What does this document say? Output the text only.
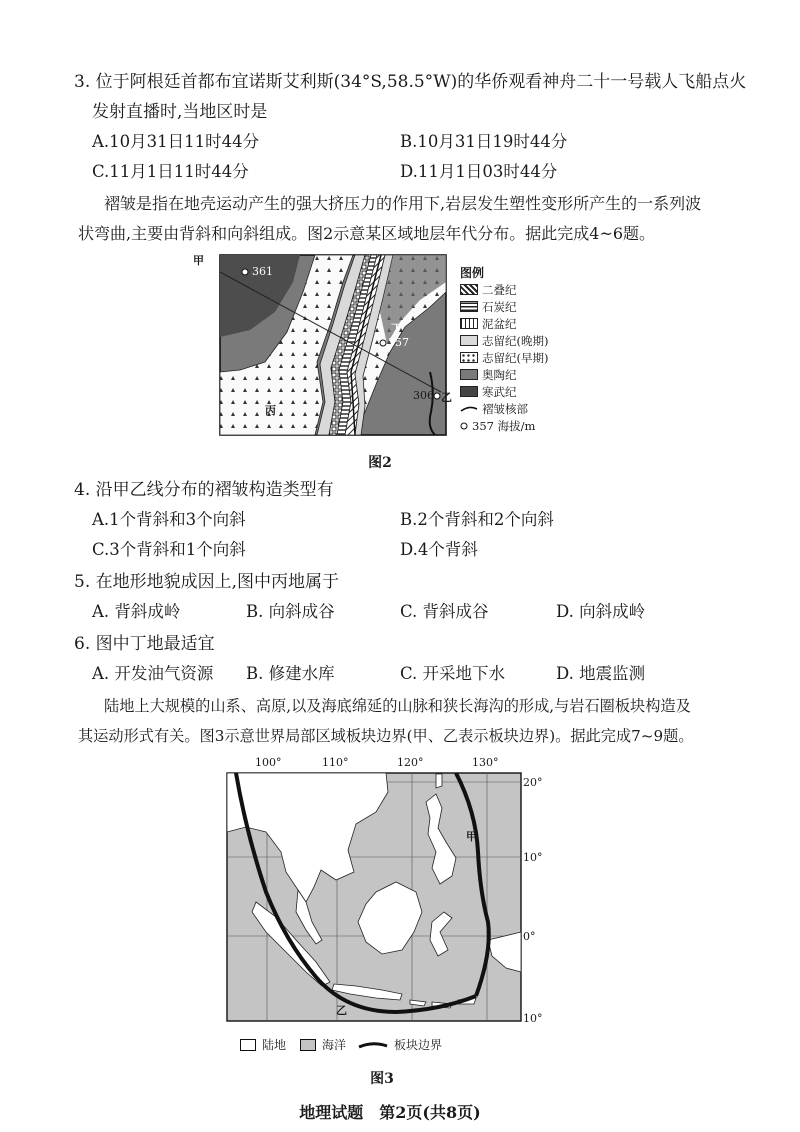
3. 位于阿根廷首都布宜诺斯艾利斯(34°S,58.5°W)的华侨观看神舟二十一号载人飞船点火
发射直播时,当地区时是
A.10月31日11时44分	B.10月31日19时44分
C.11月1日11时44分	D.11月1日03时44分
褶皱是指在地壳运动产生的强大挤压力的作用下,岩层发生塑性变形所产生的一系列波
状弯曲,主要由背斜和向斜组成。图2示意某区域地层年代分布。据此完成4~6题。
甲
361
357
丁
306 乙
丙
图例
二叠纪
石炭纪
泥盆纪
志留纪(晚期)
志留纪(早期)
奥陶纪
寒武纪
褶皱核部
357 海拔/m
图2
4. 沿甲乙线分布的褶皱构造类型有
A.1个背斜和3个向斜	B.2个背斜和2个向斜
C.3个背斜和1个向斜	D.4个背斜
5. 在地形地貌成因上,图中丙地属于
A. 背斜成岭	B. 向斜成谷	C. 背斜成谷	D. 向斜成岭
6. 图中丁地最适宜
A. 开发油气资源 B. 修建水库	C. 开采地下水	D. 地震监测
陆地上大规模的山系、高原,以及海底绵延的山脉和狭长海沟的形成,与岩石圈板块构造及
其运动形式有关。图3示意世界局部区域板块边界(甲、乙表示板块边界)。据此完成7~9题。
100°	110°	120°	130°
20°
10°
0°
10°
甲
乙
陆地	海洋	板块边界
图3
地理试题　第2页(共8页)
